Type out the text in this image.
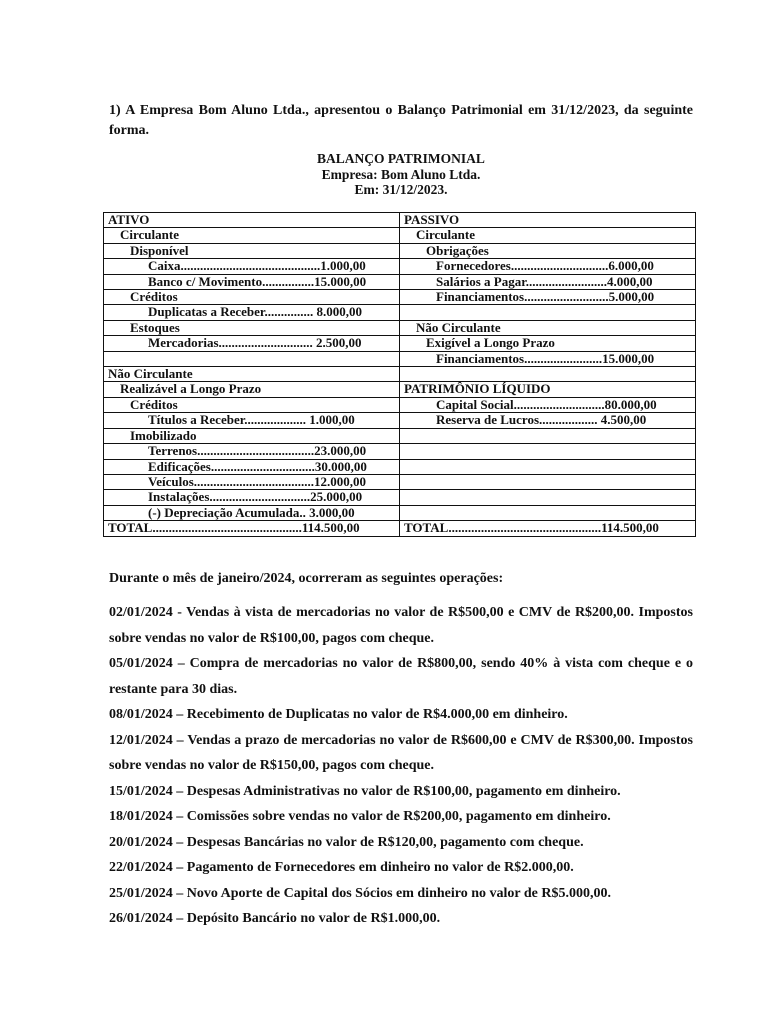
1) A Empresa Bom Aluno Ltda., apresentou o Balanço Patrimonial em 31/12/2023, da seguinte forma.
BALANÇO PATRIMONIAL
Empresa: Bom Aluno Ltda.
Em: 31/12/2023.
ATIVO	PASSIVO
Circulante	Circulante
Disponível	Obrigações
Caixa...........................................1.000,00	Fornecedores..............................6.000,00
Banco c/ Movimento................15.000,00	Salários a Pagar.........................4.000,00
Créditos	Financiamentos..........................5.000,00
Duplicatas a Receber............... 8.000,00	
Estoques	Não Circulante
Mercadorias............................. 2.500,00	Exigível a Longo Prazo
	Financiamentos........................15.000,00
Não Circulante	
Realizável a Longo Prazo	PATRIMÔNIO LÍQUIDO
Créditos	Capital Social............................80.000,00
Títulos a Receber................... 1.000,00	Reserva de Lucros.................. 4.500,00
Imobilizado	
Terrenos....................................23.000,00	
Edificações................................30.000,00	
Veículos.....................................12.000,00	
Instalações...............................25.000,00	
(-) Depreciação Acumulada.. 3.000,00	
TOTAL..............................................114.500,00	TOTAL...............................................114.500,00
Durante o mês de janeiro/2024, ocorreram as seguintes operações:

02/01/2024 - Vendas à vista de mercadorias no valor de R$500,00 e CMV de R$200,00. Impostos sobre vendas no valor de R$100,00, pagos com cheque.

05/01/2024 – Compra de mercadorias no valor de R$800,00, sendo 40% à vista com cheque e o restante para 30 dias.

08/01/2024 – Recebimento de Duplicatas no valor de R$4.000,00 em dinheiro.

12/01/2024 – Vendas a prazo de mercadorias no valor de R$600,00 e CMV de R$300,00. Impostos sobre vendas no valor de R$150,00, pagos com cheque.

15/01/2024 – Despesas Administrativas no valor de R$100,00, pagamento em dinheiro.

18/01/2024 – Comissões sobre vendas no valor de R$200,00, pagamento em dinheiro.

20/01/2024 – Despesas Bancárias no valor de R$120,00, pagamento com cheque.

22/01/2024 – Pagamento de Fornecedores em dinheiro no valor de R$2.000,00.

25/01/2024 – Novo Aporte de Capital dos Sócios em dinheiro no valor de R$5.000,00.

26/01/2024 – Depósito Bancário no valor de R$1.000,00.
